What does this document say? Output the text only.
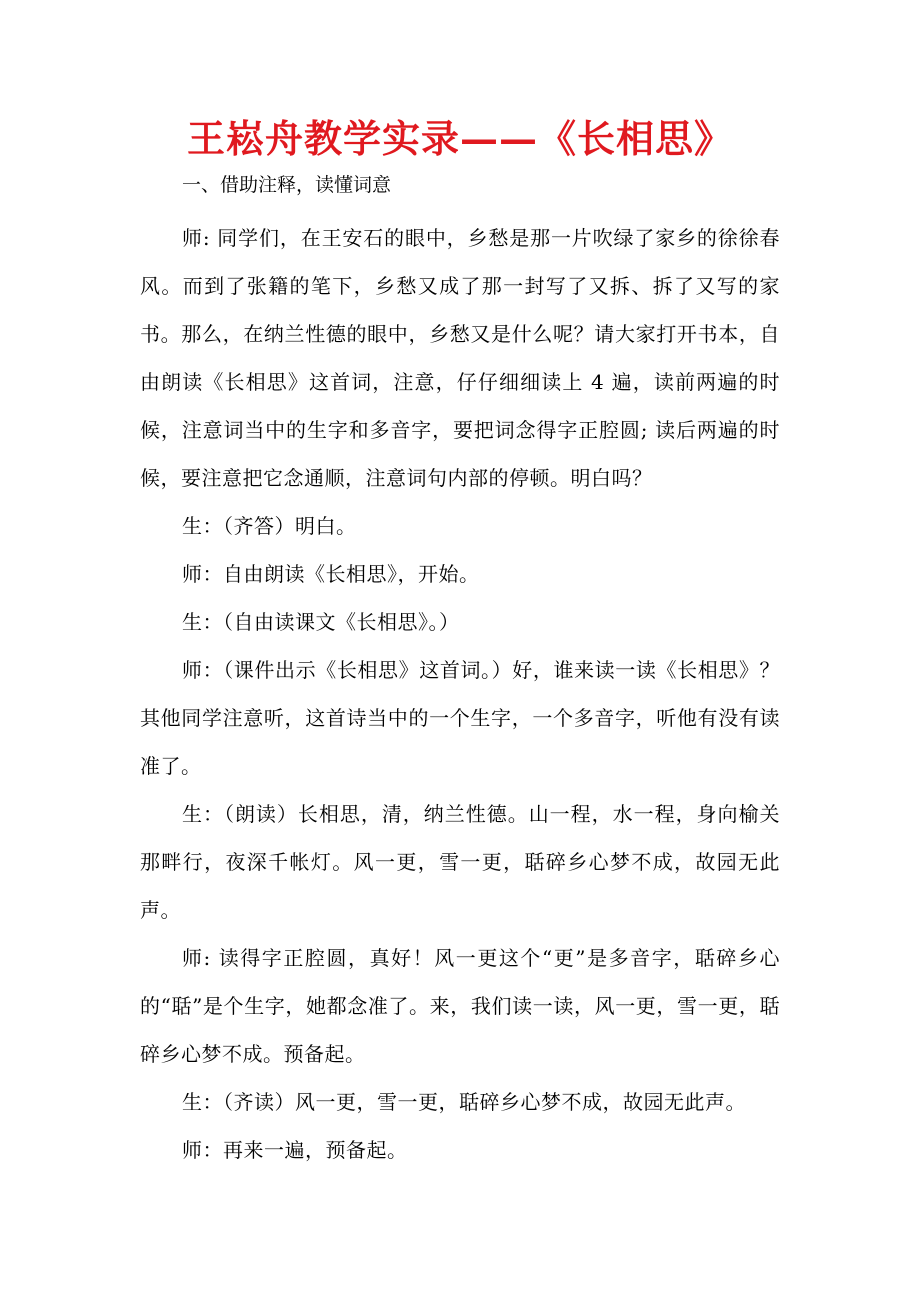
王崧舟教学实录——《长相思》
一、借助注释，读懂词意

师: 同学们，在王安石的眼中，乡愁是那一片吹绿了家乡的徐徐春风。而到了张籍的笔下，乡愁又成了那一封写了又拆、拆了又写的家书。那么，在纳兰性德的眼中，乡愁又是什么呢？请大家打开书本，自由朗读《长相思》这首词，注意，仔仔细细读上 4 遍，读前两遍的时候，注意词当中的生字和多音字，要把词念得字正腔圆; 读后两遍的时候，要注意把它念通顺，注意词句内部的停顿。明白吗？

生：（齐答）明白。

师：自由朗读《长相思》，开始。

生：（自由读课文《长相思》。）

师：（课件出示《长相思》这首词。）好，谁来读一读《长相思》？其他同学注意听，这首诗当中的一个生字，一个多音字，听他有没有读准了。

生：（朗读）长相思，清，纳兰性德。山一程，水一程，身向榆关那畔行，夜深千帐灯。风一更，雪一更，聒碎乡心梦不成，故园无此声。

师: 读得字正腔圆，真好！风一更这个“更”是多音字，聒碎乡心的“聒”是个生字，她都念准了。来，我们读一读，风一更，雪一更，聒碎乡心梦不成。预备起。

生：（齐读）风一更，雪一更，聒碎乡心梦不成，故园无此声。

师：再来一遍，预备起。
